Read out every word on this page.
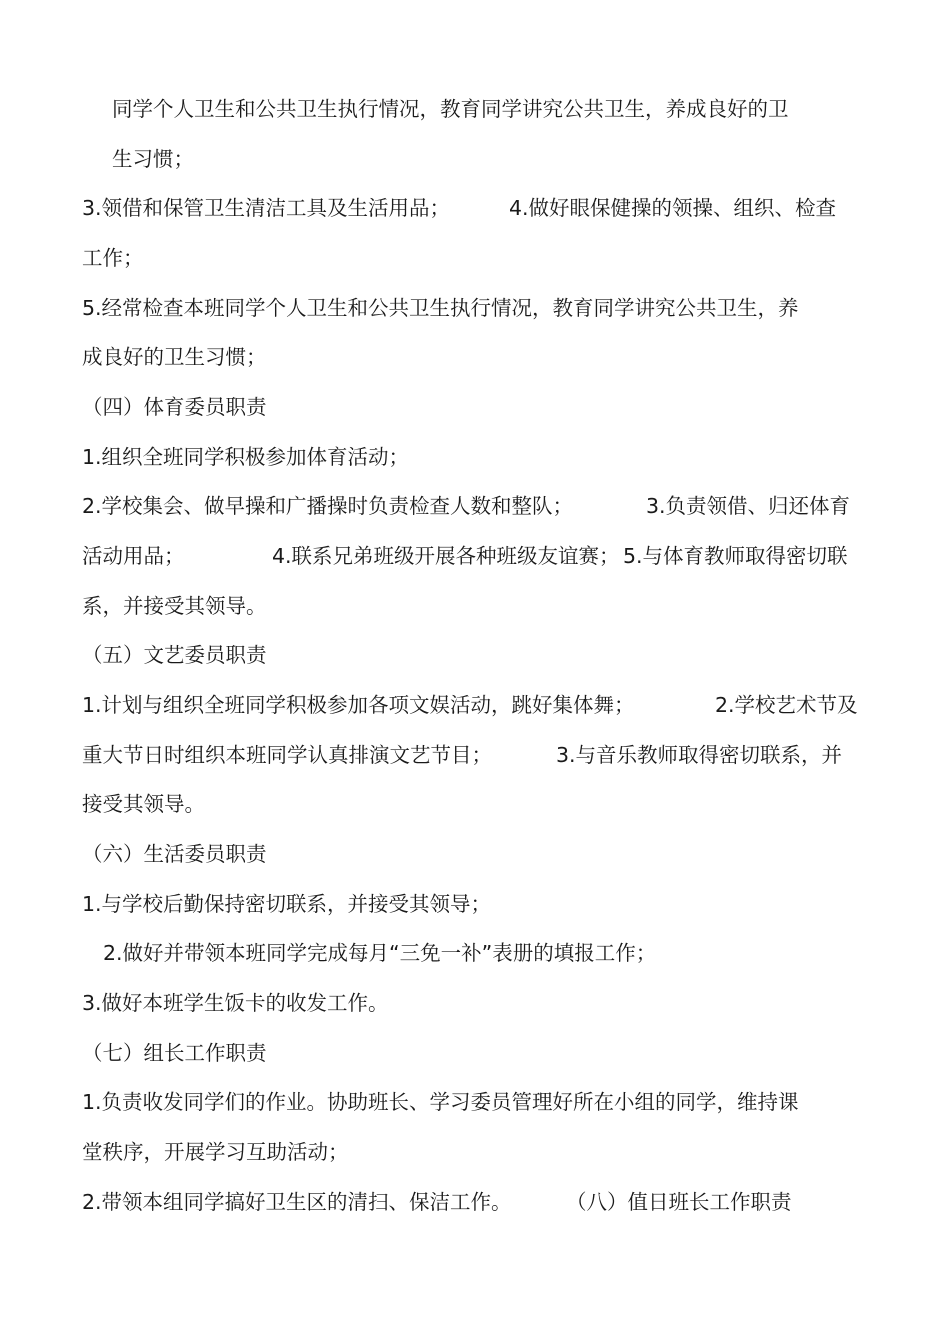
同学个人卫生和公共卫生执行情况，教育同学讲究公共卫生，养成良好的卫
生习惯；
3.领借和保管卫生清洁工具及生活用品；	4.做好眼保健操的领操、组织、检查
工作；
5.经常检查本班同学个人卫生和公共卫生执行情况，教育同学讲究公共卫生，养
成良好的卫生习惯；
（四）体育委员职责
1.组织全班同学积极参加体育活动；
2.学校集会、做早操和广播操时负责检查人数和整队；	3.负责领借、归还体育
活动用品；	4.联系兄弟班级开展各种班级友谊赛； 5.与体育教师取得密切联
系，并接受其领导。
（五）文艺委员职责
1.计划与组织全班同学积极参加各项文娱活动，跳好集体舞；	2.学校艺术节及
重大节日时组织本班同学认真排演文艺节目；	3.与音乐教师取得密切联系，并
接受其领导。
（六）生活委员职责
1.与学校后勤保持密切联系，并接受其领导；
2.做好并带领本班同学完成每月“三免一补”表册的填报工作；
3.做好本班学生饭卡的收发工作。
（七）组长工作职责
1.负责收发同学们的作业。协助班长、学习委员管理好所在小组的同学，维持课
堂秩序，开展学习互助活动；
2.带领本组同学搞好卫生区的清扫、保洁工作。	（八）值日班长工作职责
